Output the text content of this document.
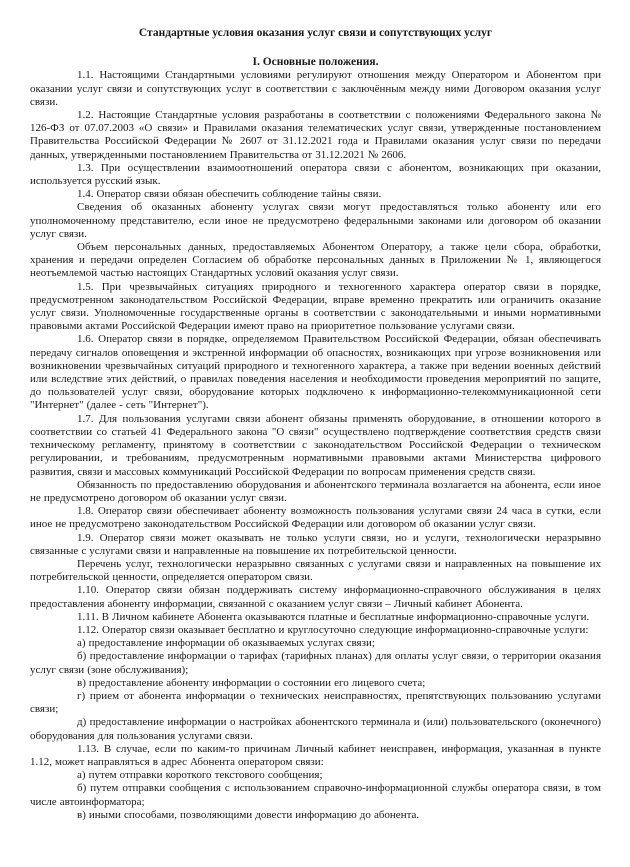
Стандартные условия оказания услуг связи и сопутствующих услуг
I. Основные положения.

1.1. Настоящими Стандартными условиями регулируют отношения между Оператором и Абонентом при оказании услуг связи и сопутствующих услуг в соответствии с заключённым между ними Договором оказания услуг связи.

1.2. Настоящие Стандартные условия разработаны в соответствии с положениями Федерального закона № 126-ФЗ от 07.07.2003 «О связи» и Правилами оказания телематических услуг связи, утвержденные постановлением Правительства Российской Федерации № 2607 от 31.12.2021 года и Правилами оказания услуг связи по передачи данных, утвержденными постановлением Правительства от 31.12.2021 № 2606.

1.3. При осуществлении взаимоотношений оператора связи с абонентом, возникающих при оказании, используется русский язык.

1.4. Оператор связи обязан обеспечить соблюдение тайны связи.

Сведения об оказанных абоненту услугах связи могут предоставляться только абоненту или его уполномоченному представителю, если иное не предусмотрено федеральными законами или договором об оказании услуг связи.

Объем персональных данных, предоставляемых Абонентом Оператору, а также цели сбора, обработки, хранения и передачи определен Согласием об обработке персональных данных в Приложении № 1, являющегося неотъемлемой частью настоящих Стандартных условий оказания услуг связи.

1.5. При чрезвычайных ситуациях природного и техногенного характера оператор связи в порядке, предусмотренном законодательством Российской Федерации, вправе временно прекратить или ограничить оказание услуг связи. Уполномоченные государственные органы в соответствии с законодательными и иными нормативными правовыми актами Российской Федерации имеют право на приоритетное пользование услугами связи.

1.6. Оператор связи в порядке, определяемом Правительством Российской Федерации, обязан обеспечивать передачу сигналов оповещения и экстренной информации об опасностях, возникающих при угрозе возникновения или возникновении чрезвычайных ситуаций природного и техногенного характера, а также при ведении военных действий или вследствие этих действий, о правилах поведения населения и необходимости проведения мероприятий по защите, до пользователей услуг связи, оборудование которых подключено к информационно-телекоммуникационной сети "Интернет" (далее - сеть "Интернет").

1.7. Для пользования услугами связи абонент обязаны применять оборудование, в отношении которого в соответствии со статьей 41 Федерального закона "О связи" осуществлено подтверждение соответствия средств связи техническому регламенту, принятому в соответствии с законодательством Российской Федерации о техническом регулировании, и требованиям, предусмотренным нормативными правовыми актами Министерства цифрового развития, связи и массовых коммуникаций Российской Федерации по вопросам применения средств связи.

Обязанность по предоставлению оборудования и абонентского терминала возлагается на абонента, если иное не предусмотрено договором об оказании услуг связи.

1.8. Оператор связи обеспечивает абоненту возможность пользования услугами связи 24 часа в сутки, если иное не предусмотрено законодательством Российской Федерации или договором об оказании услуг связи.

1.9. Оператор связи может оказывать не только услуги связи, но и услуги, технологически неразрывно связанные с услугами связи и направленные на повышение их потребительской ценности.

Перечень услуг, технологически неразрывно связанных с услугами связи и направленных на повышение их потребительской ценности, определяется оператором связи.

1.10. Оператор связи обязан поддерживать систему информационно-справочного обслуживания в целях предоставления абоненту информации, связанной с оказанием услуг связи – Личный кабинет Абонента.

1.11. В Личном кабинете Абонента оказываются платные и бесплатные информационно-справочные услуги.

1.12. Оператор связи оказывает бесплатно и круглосуточно следующие информационно-справочные услуги:

а) предоставление информации об оказываемых услугах связи;

б) предоставление информации о тарифах (тарифных планах) для оплаты услуг связи, о территории оказания услуг связи (зоне обслуживания);

в) предоставление абоненту информации о состоянии его лицевого счета;

г) прием от абонента информации о технических неисправностях, препятствующих пользованию услугами связи;

д) предоставление информации о настройках абонентского терминала и (или) пользовательского (оконечного) оборудования для пользования услугами связи.

1.13. В случае, если по каким-то причинам Личный кабинет неисправен, информация, указанная в пункте 1.12, может направляться в адрес Абонента оператором связи:

а) путем отправки короткого текстового сообщения;

б) путем отправки сообщения с использованием справочно-информационной службы оператора связи, в том числе автоинформатора;

в) иными способами, позволяющими довести информацию до абонента.
